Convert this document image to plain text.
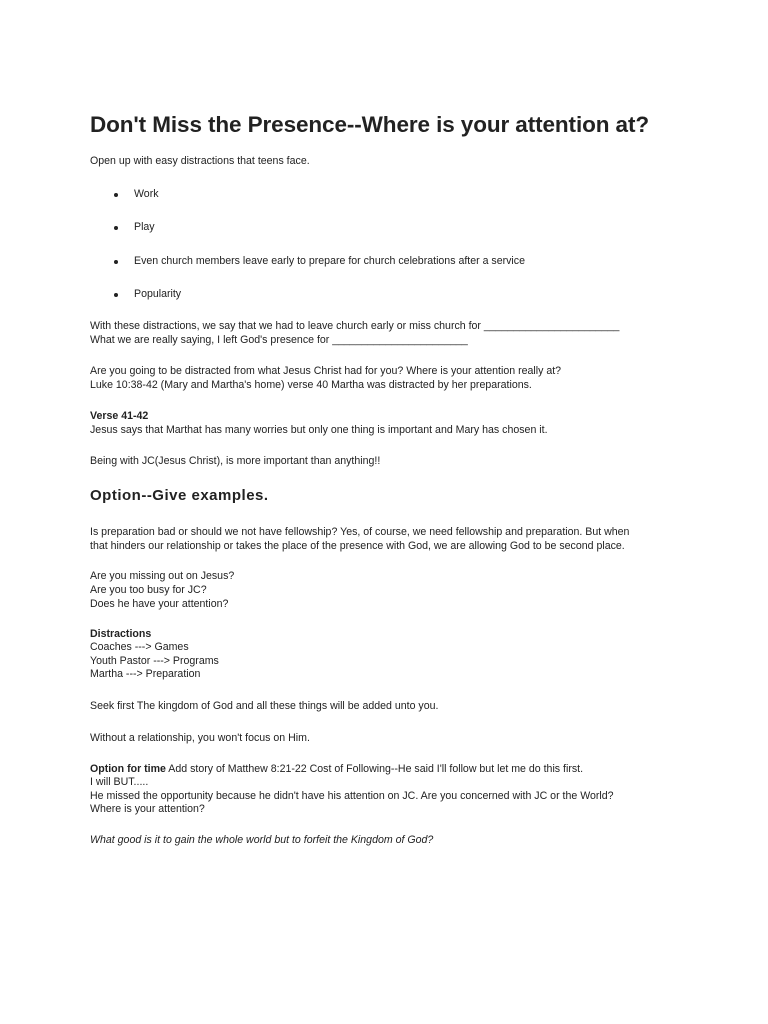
Don't Miss the Presence--Where is your attention at?

Open up with easy distractions that teens face.

Work
Play
Even church members leave early to prepare for church celebrations after a service
Popularity

With these distractions, we say that we had to leave church early or miss church for _______________________

What we are really saying, I left God's presence for _______________________

Are you going to be distracted from what Jesus Christ had for you? Where is your attention really at?

Luke 10:38-42 (Mary and Martha's home) verse 40 Martha was distracted by her preparations.

Verse 41-42

Jesus says that Marthat has many worries but only one thing is important and Mary has chosen it.

Being with JC(Jesus Christ), is more important than anything!!

Option--Give examples.

Is preparation bad or should we not have fellowship? Yes, of course, we need fellowship and preparation. But when

that hinders our relationship or takes the place of the presence with God, we are allowing God to be second place.

Are you missing out on Jesus?

Are you too busy for JC?

Does he have your attention?

Distractions

Coaches ---> Games

Youth Pastor ---> Programs

Martha ---> Preparation

Seek first The kingdom of God and all these things will be added unto you.

Without a relationship, you won't focus on Him.

Option for time Add story of Matthew 8:21-22 Cost of Following--He said I'll follow but let me do this first.

I will BUT.....

He missed the opportunity because he didn't have his attention on JC. Are you concerned with JC or the World?

Where is your attention?

What good is it to gain the whole world but to forfeit the Kingdom of God?
